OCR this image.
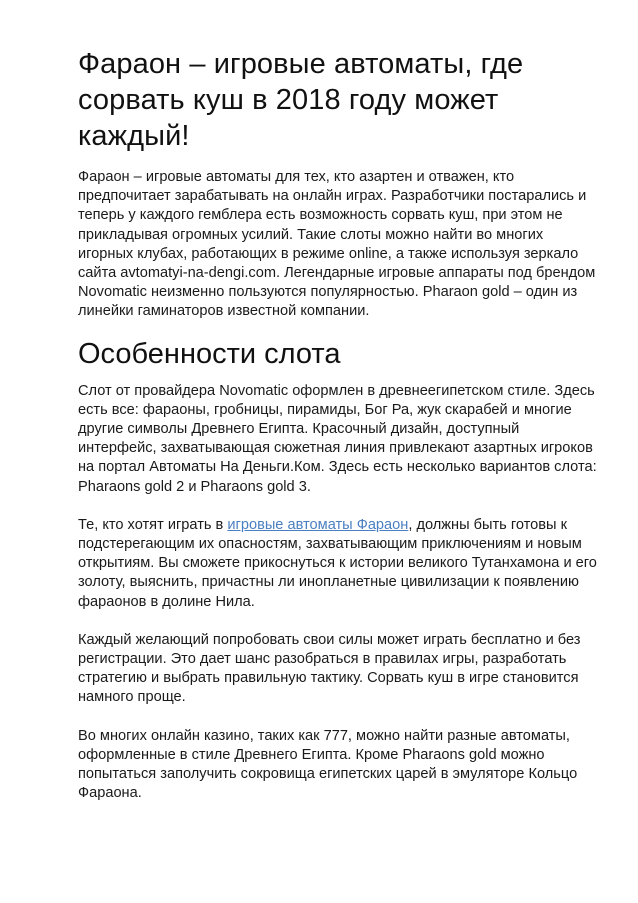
Фараон – игровые автоматы, где сорвать куш в 2018 году может каждый!

Фараон – игровые автоматы для тех, кто азартен и отважен, кто предпочитает зарабатывать на онлайн играх. Разработчики постарались и теперь у каждого гемблера есть возможность сорвать куш, при этом не прикладывая огромных усилий. Такие слоты можно найти во многих игорных клубах, работающих в режиме online, а также используя зеркало сайта avtomatyi-na-dengi.com. Легендарные игровые аппараты под брендом Novomatic неизменно пользуются популярностью. Pharaon gold – один из линейки гаминаторов известной компании.

Особенности слота

Слот от провайдера Novomatic оформлен в древнеегипетском стиле. Здесь есть все: фараоны, гробницы, пирамиды, Бог Ра, жук скарабей и многие другие символы Древнего Египта. Красочный дизайн, доступный интерфейс, захватывающая сюжетная линия привлекают азартных игроков на портал Автоматы На Деньги.Ком. Здесь есть несколько вариантов слота: Pharaons gold 2 и Pharaons gold 3.

Те, кто хотят играть в игровые автоматы Фараон, должны быть готовы к подстерегающим их опасностям, захватывающим приключениям и новым открытиям. Вы сможете прикоснуться к истории великого Тутанхамона и его золоту, выяснить, причастны ли инопланетные цивилизации к появлению фараонов в долине Нила.

Каждый желающий попробовать свои силы может играть бесплатно и без регистрации. Это дает шанс разобраться в правилах игры, разработать стратегию и выбрать правильную тактику. Сорвать куш в игре становится намного проще.

Во многих онлайн казино, таких как 777, можно найти разные автоматы, оформленные в стиле Древнего Египта. Кроме Pharaons gold можно попытаться заполучить сокровища египетских царей в эмуляторе Кольцо Фараона.
